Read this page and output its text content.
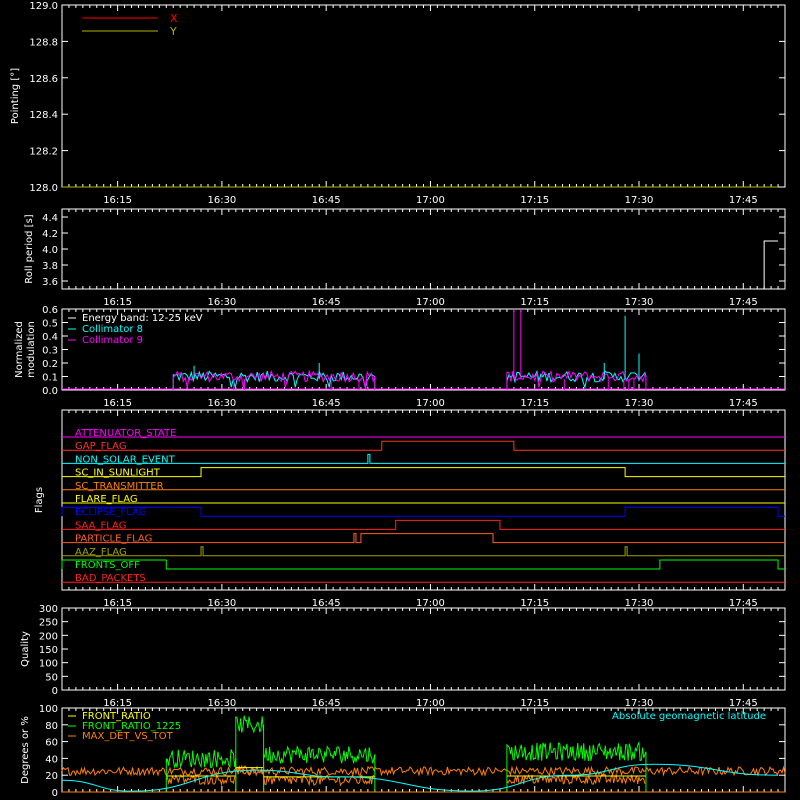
128.0
128.2
128.4
128.6
128.8
129.0
Pointing [°]
X
Y
16:15	16:30	16:45	17:00	17:15	17:30	17:45
3.6
3.8
4.0
4.2
4.4
Roll period [s]
16:15	16:30	16:45	17:00	17:15	17:30	17:45
0.0
0.1
0.2
0.3
0.4
0.5
0.6
Normalized modulation
Energy band: 12-25 keV
Collimator 8
Collimator 9
16:15	16:30	16:45	17:00	17:15	17:30	17:45
Flags
ATTENUATOR_STATE
GAP_FLAG
NON_SOLAR_EVENT
SC_IN_SUNLIGHT
SC_TRANSMITTER
FLARE_FLAG
ECLIPSE_FLAG
SAA_FLAG
PARTICLE_FLAG
AAZ_FLAG
FRONTS_OFF
BAD_PACKETS
16:15	16:30	16:45	17:00	17:15	17:30	17:45
0
50
100
150
200
250
300
Quality
16:15	16:30	16:45	17:00	17:15	17:30	17:45
0
20
40
60
80
100
Degrees or %	FRONT_RATIO
FRONT_RATIO_1225
MAX_DET_VS_TOT
Absolute geomagnetic latitude
